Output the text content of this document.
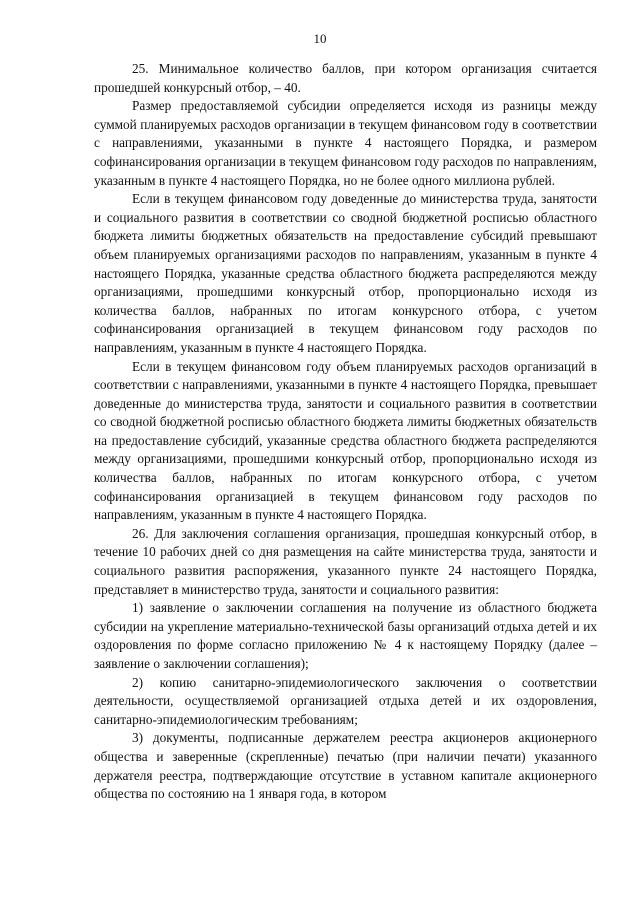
10

25. Минимальное количество баллов, при котором организация считается прошедшей конкурсный отбор, – 40.

Размер предоставляемой субсидии определяется исходя из разницы между суммой планируемых расходов организации в текущем финансовом году в соответствии с направлениями, указанными в пункте 4 настоящего Порядка, и размером софинансирования организации в текущем финансовом году расходов по направлениям, указанным в пункте 4 настоящего Порядка, но не более одного миллиона рублей.

Если в текущем финансовом году доведенные до министерства труда, занятости и социального развития в соответствии со сводной бюджетной росписью областного бюджета лимиты бюджетных обязательств на предоставление субсидий превышают объем планируемых организациями расходов по направлениям, указанным в пункте 4 настоящего Порядка, указанные средства областного бюджета распределяются между организациями, прошедшими конкурсный отбор, пропорционально исходя из количества баллов, набранных по итогам конкурсного отбора, с учетом софинансирования организацией в текущем финансовом году расходов по направлениям, указанным в пункте 4 настоящего Порядка.

Если в текущем финансовом году объем планируемых расходов организаций в соответствии с направлениями, указанными в пункте 4 настоящего Порядка, превышает доведенные до министерства труда, занятости и социального развития в соответствии со сводной бюджетной росписью областного бюджета лимиты бюджетных обязательств на предоставление субсидий, указанные средства областного бюджета распределяются между организациями, прошедшими конкурсный отбор, пропорционально исходя из количества баллов, набранных по итогам конкурсного отбора, с учетом софинансирования организацией в текущем финансовом году расходов по направлениям, указанным в пункте 4 настоящего Порядка.

26. Для заключения соглашения организация, прошедшая конкурсный отбор, в течение 10 рабочих дней со дня размещения на сайте министерства труда, занятости и социального развития распоряжения, указанного пункте 24 настоящего Порядка, представляет в министерство труда, занятости и социального развития:

1) заявление о заключении соглашения на получение из областного бюджета субсидии на укрепление материально-технической базы организаций отдыха детей и их оздоровления по форме согласно приложению № 4 к настоящему Порядку (далее – заявление о заключении соглашения);

2) копию санитарно-эпидемиологического заключения о соответствии деятельности, осуществляемой организацией отдыха детей и их оздоровления, санитарно-эпидемиологическим требованиям;

3) документы, подписанные держателем реестра акционеров акционерного общества и заверенные (скрепленные) печатью (при наличии печати) указанного держателя реестра, подтверждающие отсутствие в уставном капитале акционерного общества по состоянию на 1 января года, в котором
